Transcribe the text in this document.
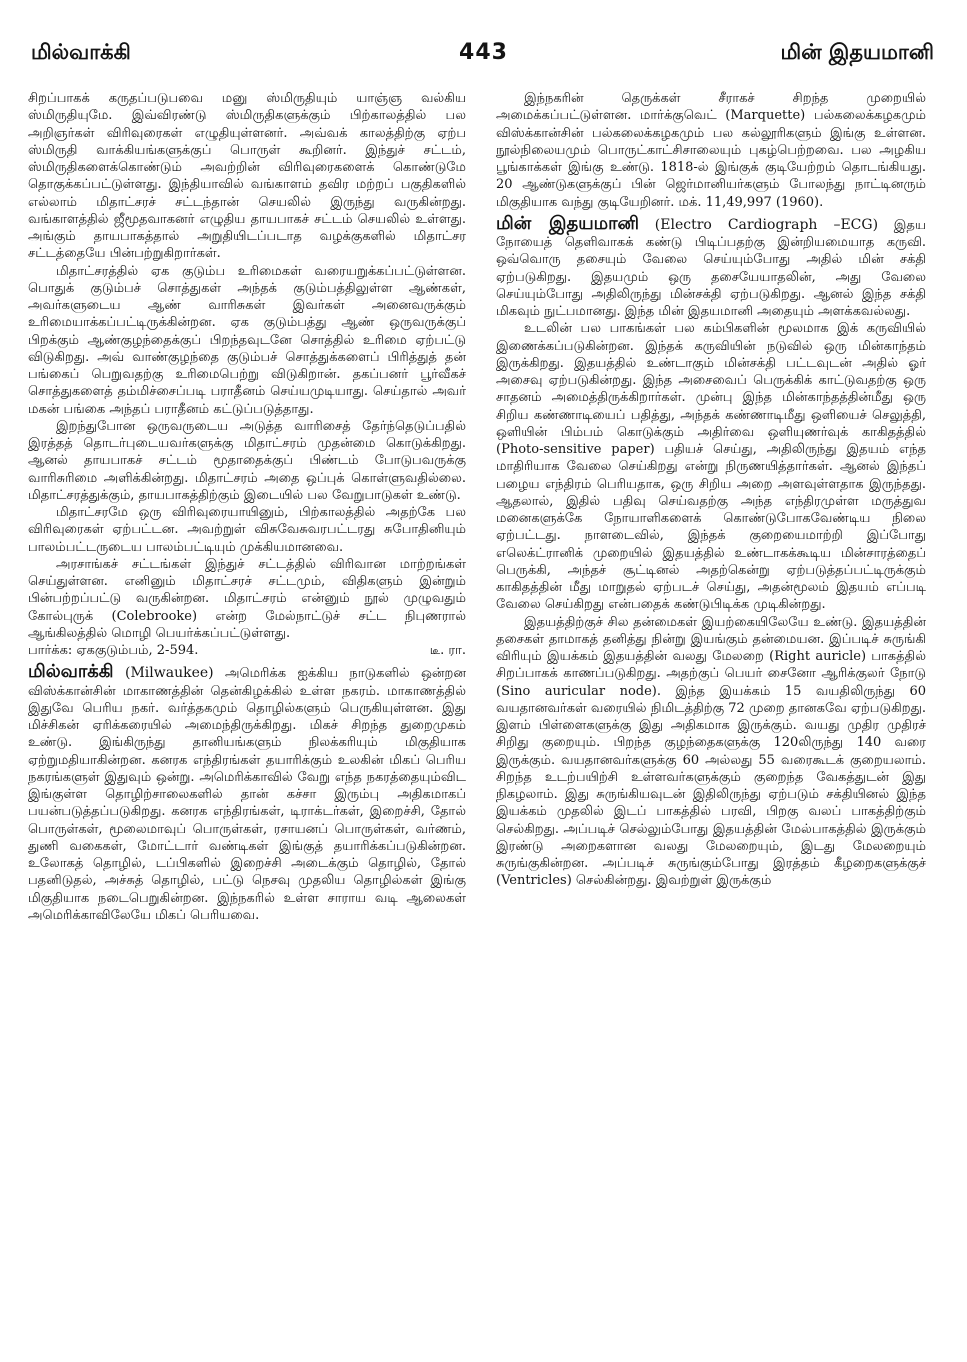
மில்வாக்கி	443	மின் இதயமானி

சிறப்பாகக் கருதப்படுபவை மனு ஸ்மிருதியும் யாஞ்ஞ வல்கிய ஸ்மிருதியுமே. இவ்விரண்டு ஸ்மிருதிகளுக்கும் பிற்காலத்தில் பல அறிஞர்கள் விரிவுரைகள் எழுதியுள்ளனர். அவ்வக் காலத்திற்கு ஏற்ப ஸ்மிருதி வாக்கியங்களுக்குப் பொருள் கூறினர். இந்துச் சட்டம், ஸ்மிருதிகளைக்கொண்டும் அவற்றின் விரிவுரைகளைக் கொண்டுமே தொகுக்கப்பட்டுள்ளது. இந்தியாவில் வங்காளம் தவிர மற்றப் பகுதிகளில் எல்லாம் மிதாட்சரச் சட்டந்தான் செயலில் இருந்து வருகின்றது. வங்காளத்தில் ஜீமூதவாகனர் எழுதிய தாயபாகச் சட்டம் செயலில் உள்ளது. அங்கும் தாயபாகத்தால் அறுதியிடப்படாத வழக்குகளில் மிதாட்சர சட்டத்தையே பின்பற்றுகிறார்கள்.

மிதாட்சரத்தில் ஏக குடும்ப உரிமைகள் வரையறுக்கப்பட்டுள்ளன. பொதுக் குடும்பச் சொத்துகள் அந்தக் குடும்பத்திலுள்ள ஆண்கள், அவர்களுடைய ஆண் வாரிசுகள் இவர்கள் அனைவருக்கும் உரிமையாக்கப்பட்டிருக்கின்றன. ஏக குடும்பத்து ஆண் ஒருவருக்குப் பிறக்கும் ஆண்குழந்தைக்குப் பிறந்தவுடனே சொத்தில் உரிமை ஏற்பட்டு விடுகிறது. அவ் வாண்குழந்தை குடும்பச் சொத்துக்களைப் பிரித்துத் தன் பங்கைப் பெறுவதற்கு உரிமைபெற்று விடுகிறான். தகப்பனர் பூர்வீகச் சொத்துகளைத் தம்மிச்சைப்படி பராதீனம் செய்யமுடியாது. செய்தால் அவர் மகன் பங்கை அந்தப் பராதீனம் கட்டுப்படுத்தாது.

இறந்துபோன ஒருவருடைய அடுத்த வாரிசைத் தேர்ந்தெடுப்பதில் இரத்தத் தொடர்புடையவர்களுக்கு மிதாட்சரம் முதன்மை கொடுக்கிறது. ஆனல் தாயபாகச் சட்டம் மூதாதைக்குப் பிண்டம் போடுபவருக்கு வாரிசுரிமை அளிக்கின்றது. மிதாட்சரம் அதை ஒப்புக் கொள்ளுவதில்லை. மிதாட்சரத்துக்கும், தாயபாகத்திற்கும் இடையில் பல வேறுபாடுகள் உண்டு.

மிதாட்சரமே ஒரு விரிவுரையாயினும், பிற்காலத்தில் அதற்கே பல விரிவுரைகள் ஏற்பட்டன. அவற்றுள் விசுவேசுவரபட்டரது சுபோதினியும் பாலம்பட்டருடைய பாலம்பட்டியும் முக்கியமானவை.

அரசாங்கச் சட்டங்கள் இந்துச் சட்டத்தில் விரிவான மாற்றங்கள் செய்துள்ளன. எனினும் மிதாட்சரச் சட்டமும், விதிகளும் இன்றும் பின்பற்றப்பட்டு வருகின்றன. மிதாட்சரம் என்னும் நூல் முழுவதும் கோல்புருக் (Colebrooke) என்ற மேல்நாட்டுச் சட்ட நிபுணரால் ஆங்கிலத்தில் மொழி பெயர்க்கப்பட்டுள்ளது.

பார்க்க: ஏககுடும்பம், 2-594.	டீ. ரா.

மில்வாக்கி (Milwaukee) அமெரிக்க ஐக்கிய நாடுகளில் ஒன்றன விஸ்க்கான்சின் மாகாணத்தின் தென்கிழக்கில் உள்ள நகரம். மாகாணத்தில் இதுவே பெரிய நகர். வர்த்தகமும் தொழில்களும் பெருகியுள்ளன. இது மிச்சிகன் ஏரிக்கரையில் அமைந்திருக்கிறது. மிகச் சிறந்த துறைமுகம் உண்டு. இங்கிருந்து தானியங்களும் நிலக்கரியும் மிகுதியாக ஏற்றுமதியாகின்றன. கனரக எந்திரங்கள் தயாரிக்கும் உலகின் மிகப் பெரிய நகரங்களுள் இதுவும் ஒன்று. அமெரிக்காவில் வேறு எந்த நகரத்தையும்விட இங்குள்ள தொழிற்சாலைகளில் தான் கச்சா இரும்பு அதிகமாகப் பயன்படுத்தப்படுகிறது. கனரக எந்திரங்கள், டிராக்டர்கள், இறைச்சி, தோல் பொருள்கள், மூலைமாவுப் பொருள்கள், ரசாயனப் பொருள்கள், வர்ணம், துணி வகைகள், மோட்டார் வண்டிகள் இங்குத் தயாரிக்கப்படுகின்றன. உலோகத் தொழில், டப்பிகளில் இறைச்சி அடைக்கும் தொழில், தோல் பதனிடுதல், அச்சுத் தொழில், பட்டு நெசவு முதலிய தொழில்கள் இங்கு மிகுதியாக நடைபெறுகின்றன. இந்நகரில் உள்ள சாராய வடி ஆலைகள் அமெரிக்காவிலேயே மிகப் பெரியவை.

இந்நகரின் தெருக்கள் சீராகச் சிறந்த முறையில் அமைக்கப்பட்டுள்ளன. மார்க்குவெட் (Marquette) பல்கலைக்கழகமும் விஸ்க்கான்சின் பல்கலைக்கழகமும் பல கல்லூரிகளும் இங்கு உள்ளன. நூல்நிலையமும் பொருட்காட்சிசாலையும் புகழ்பெற்றவை. பல அழகிய பூங்காக்கள் இங்கு உண்டு. 1818-ல் இங்குக் குடியேற்றம் தொடங்கியது. 20 ஆண்டுகளுக்குப் பின் ஜெர்மானியர்களும் போலந்து நாட்டினரும் மிகுதியாக வந்து குடியேறினர். மக். 11,49,997 (1960).

மின் இதயமானி (Electro Cardiograph –ECG) இதய நோயைத் தெளிவாகக் கண்டு பிடிப்பதற்கு இன்றியமையாத கருவி. ஒவ்வொரு தசையும் வேலை செய்யும்போது அதில் மின் சக்தி ஏற்படுகிறது. இதயமும் ஒரு தசையேயாதலின், அது வேலை செய்யும்போது அதிலிருந்து மின்சக்தி ஏற்படுகிறது. ஆனல் இந்த சக்தி மிகவும் நுட்பமானது. இந்த மின் இதயமானி அதையும் அளக்கவல்லது.

உடலின் பல பாகங்கள் பல கம்பிகளின் மூலமாக இக் கருவியில் இணைக்கப்படுகின்றன. இந்தக் கருவியின் நடுவில் ஒரு மின்காந்தம் இருக்கிறது. இதயத்தில் உண்டாகும் மின்சக்தி பட்டவுடன் அதில் ஓர் அசைவு ஏற்படுகின்றது. இந்த அசைவைப் பெருக்கிக் காட்டுவதற்கு ஒரு சாதனம் அமைத்திருக்கிறார்கள். முன்பு இந்த மின்காந்தத்தின்மீது ஒரு சிறிய கண்ணாடியைப் பதித்து, அந்தக் கண்ணாடிமீது ஒளியைச் செலுத்தி, ஒளியின் பிம்பம் கொடுக்கும் அதிர்வை ஒளியுணர்வுக் காகிதத்தில் (Photo-sensitive paper) பதியச் செய்து, அதிலிருந்து இதயம் எந்த மாதிரியாக வேலை செய்கிறது என்று நிருணயித்தார்கள். ஆனல் இந்தப் பழைய எந்திரம் பெரியதாக, ஒரு சிறிய அறை அளவுள்ளதாக இருந்தது. ஆதலால், இதில் பதிவு செய்வதற்கு அந்த எந்திரமுள்ள மருத்துவ மனைகளுக்கே நோயாளிகளைக் கொண்டுபோகவேண்டிய நிலை ஏற்பட்டது. நாளடைவில், இந்தக் குறையைமாற்றி இப்போது எலெக்ட்ரானிக் முறையில் இதயத்தில் உண்டாகக்கூடிய மின்சாரத்தைப் பெருக்கி, அந்தச் சூட்டினல் அதற்கென்று ஏற்படுத்தப்பட்டிருக்கும் காகிதத்தின் மீது மாறுதல் ஏற்படச் செய்து, அதன்மூலம் இதயம் எப்படி வேலை செய்கிறது என்பதைக் கண்டுபிடிக்க முடிகின்றது.

இதயத்திற்குச் சில தன்மைகள் இயற்கையிலேயே உண்டு. இதயத்தின் தசைகள் தாமாகத் தனித்து நின்று இயங்கும் தன்மையன. இப்படிச் சுருங்கி விரியும் இயக்கம் இதயத்தின் வலது மேலறை (Right auricle) பாகத்தில் சிறப்பாகக் காணப்படுகிறது. அதற்குப் பெயர் சைனோ ஆரிக்குலர் நோடு (Sino auricular node). இந்த இயக்கம் 15 வயதிலிருந்து 60 வயதானவர்கள் வரையில் நிமிடத்திற்கு 72 முறை தானகவே ஏற்படுகிறது. இளம் பிள்ளைகளுக்கு இது அதிகமாக இருக்கும். வயது முதிர முதிரச் சிறிது குறையும். பிறந்த குழந்தைகளுக்கு 120லிருந்து 140 வரை இருக்கும். வயதானவர்களுக்கு 60 அல்லது 55 வரைகூடக் குறையலாம். சிறந்த உடற்பயிற்சி உள்ளவர்களுக்கும் குறைந்த வேகத்துடன் இது நிகழலாம். இது சுருங்கியவுடன் இதிலிருந்து ஏற்படும் சக்தியினல் இந்த இயக்கம் முதலில் இடப் பாகத்தில் பரவி, பிறகு வலப் பாகத்திற்கும் செல்கிறது. அப்படிச் செல்லும்போது இதயத்தின் மேல்பாகத்தில் இருக்கும் இரண்டு அறைகளான வலது மேலறையும், இடது மேலறையும் சுருங்குகின்றன. அப்படிச் சுருங்கும்போது இரத்தம் கீழறைகளுக்குச் (Ventricles) செல்கின்றது. இவற்றுள் இருக்கும்
